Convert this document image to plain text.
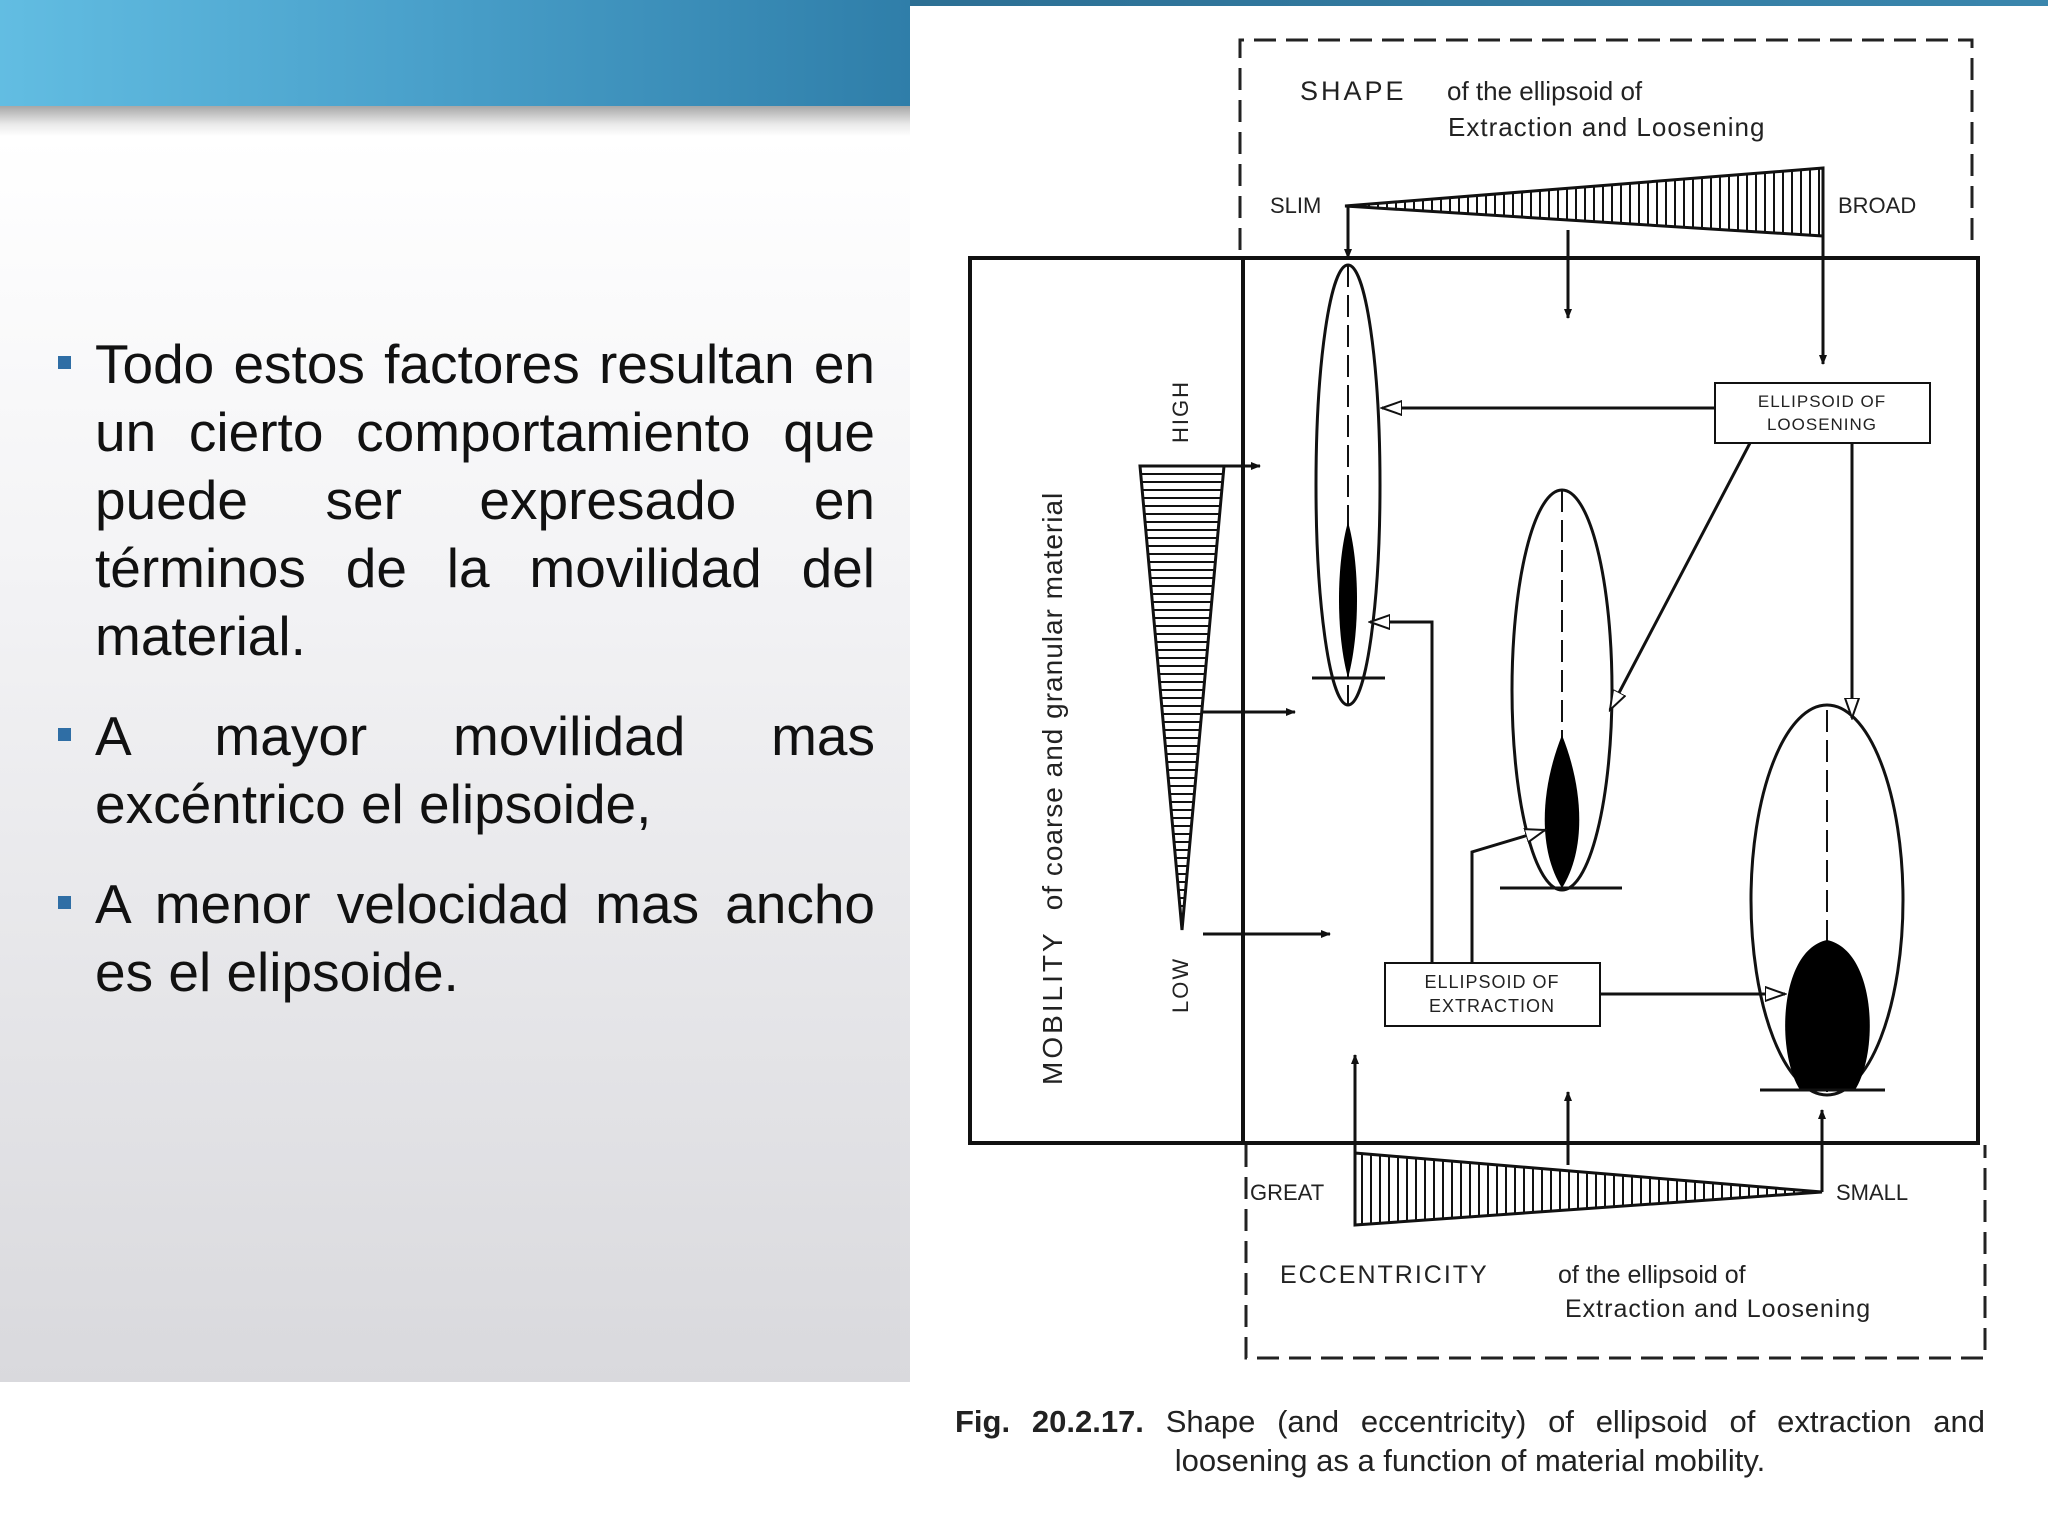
Todo estos factores resultan en un cierto comportamiento que puede ser expresado en términos de la movilidad del material.
A mayor movilidad mas excéntrico el elipsoide,
A menor velocidad mas ancho es el elipsoide.
SHAPE of the ellipsoid of
Extraction and Loosening
SLIM	BROAD
MOBILITYof coarse and granular material
HIGH
LOW
ELLIPSOID OF
LOOSENING
ELLIPSOID OF
EXTRACTION
GREAT	SMALL
ECCENTRICITY	of the ellipsoid of
Extraction and Loosening
Fig. 20.2.17. Shape (and eccentricity) of ellipsoid of extraction and loosening as a function of material mobility.
